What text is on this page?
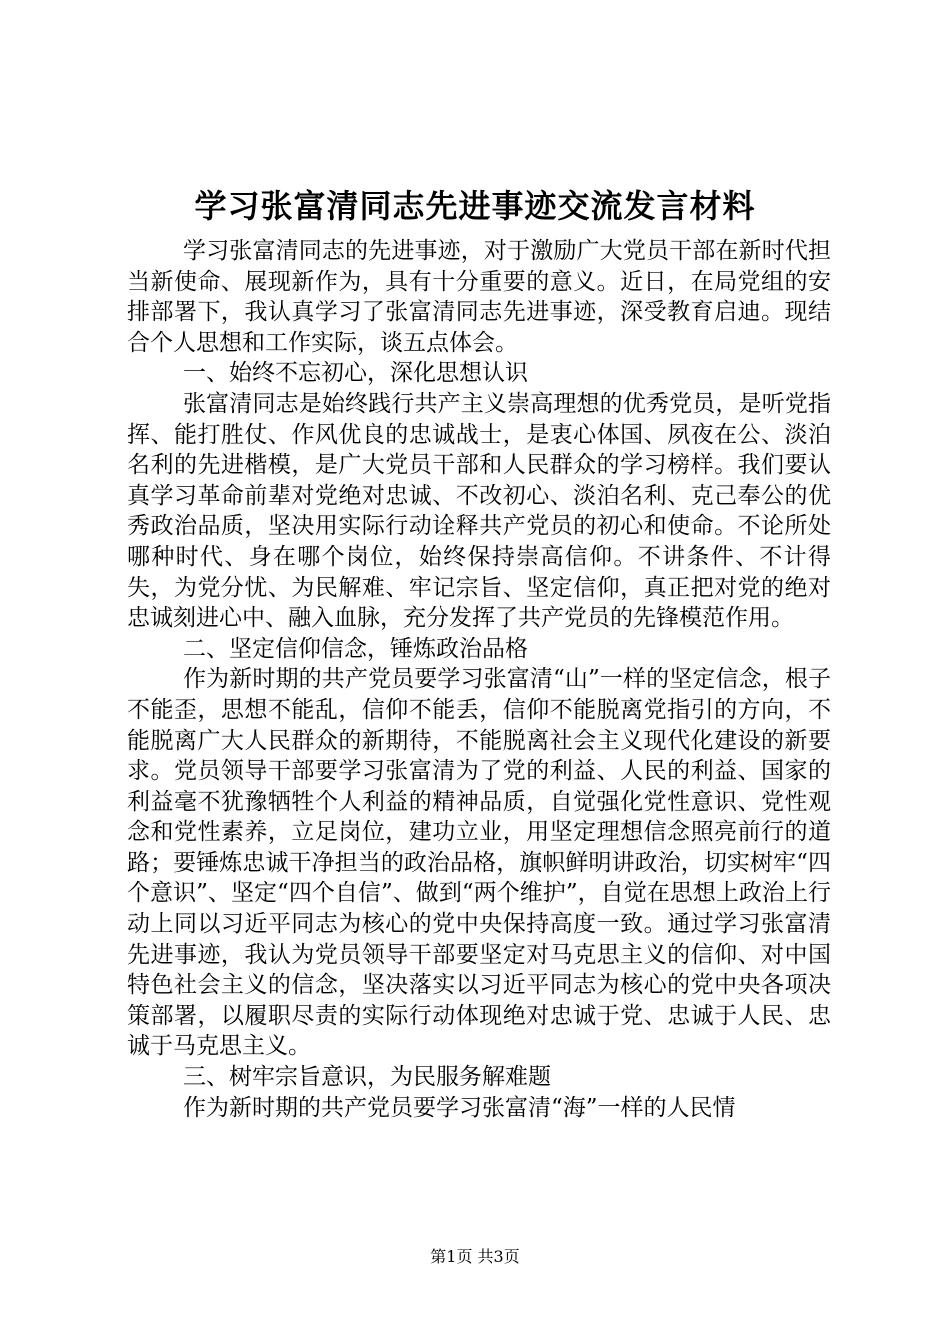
学习张富清同志先进事迹交流发言材料

学习张富清同志的先进事迹，对于激励广大党员干部在新时代担当新使命、展现新作为，具有十分重要的意义。近日，在局党组的安排部署下，我认真学习了张富清同志先进事迹，深受教育启迪。现结合个人思想和工作实际，谈五点体会。

一、始终不忘初心，深化思想认识

张富清同志是始终践行共产主义崇高理想的优秀党员，是听党指挥、能打胜仗、作风优良的忠诚战士，是衷心体国、夙夜在公、淡泊名利的先进楷模，是广大党员干部和人民群众的学习榜样。我们要认真学习革命前辈对党绝对忠诚、不改初心、淡泊名利、克己奉公的优秀政治品质，坚决用实际行动诠释共产党员的初心和使命。不论所处哪种时代、身在哪个岗位，始终保持崇高信仰。不讲条件、不计得失，为党分忧、为民解难、牢记宗旨、坚定信仰，真正把对党的绝对忠诚刻进心中、融入血脉，充分发挥了共产党员的先锋模范作用。

二、坚定信仰信念，锤炼政治品格

作为新时期的共产党员要学习张富清“山”一样的坚定信念，根子不能歪，思想不能乱，信仰不能丢，信仰不能脱离党指引的方向，不能脱离广大人民群众的新期待，不能脱离社会主义现代化建设的新要求。党员领导干部要学习张富清为了党的利益、人民的利益、国家的利益毫不犹豫牺牲个人利益的精神品质，自觉强化党性意识、党性观念和党性素养，立足岗位，建功立业，用坚定理想信念照亮前行的道路；要锤炼忠诚干净担当的政治品格，旗帜鲜明讲政治，切实树牢“四个意识”、坚定“四个自信”、做到“两个维护”，自觉在思想上政治上行动上同以习近平同志为核心的党中央保持高度一致。通过学习张富清先进事迹，我认为党员领导干部要坚定对马克思主义的信仰、对中国特色社会主义的信念，坚决落实以习近平同志为核心的党中央各项决策部署，以履职尽责的实际行动体现绝对忠诚于党、忠诚于人民、忠诚于马克思主义。

三、树牢宗旨意识，为民服务解难题

作为新时期的共产党员要学习张富清“海”一样的人民情

第1页 共3页
